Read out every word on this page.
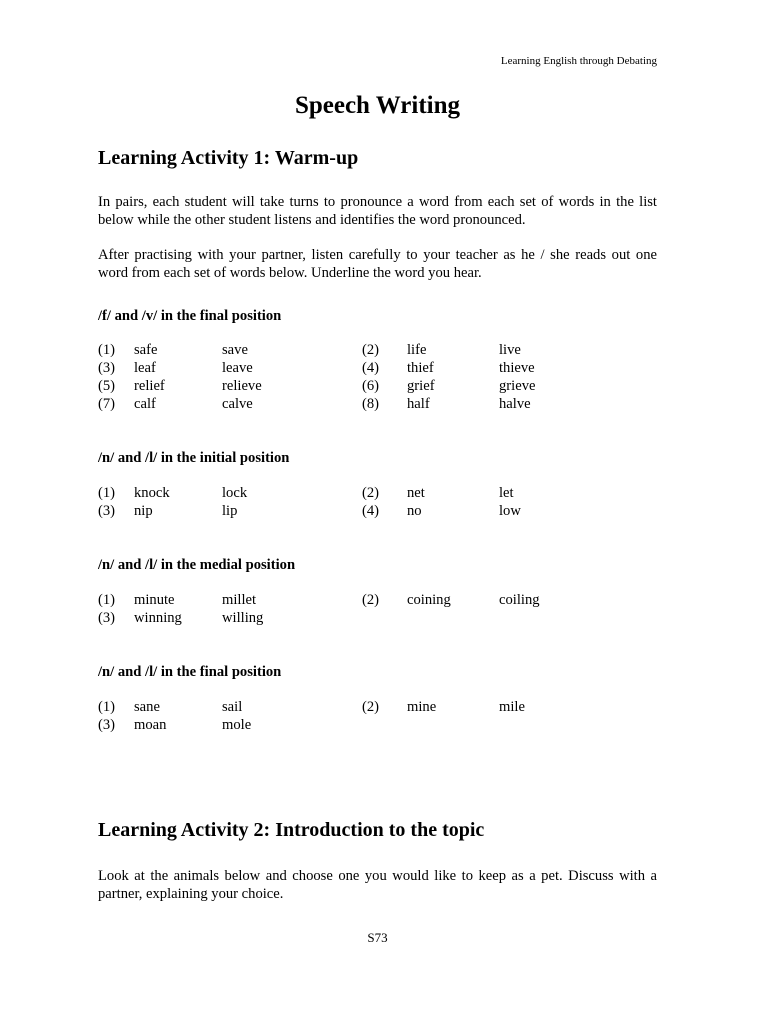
Learning English through Debating
Speech Writing
Learning Activity 1: Warm-up
In pairs, each student will take turns to pronounce a word from each set of words in the list below while the other student listens and identifies the word pronounced.
After practising with your partner, listen carefully to your teacher as he / she reads out one word from each set of words below. Underline the word you hear.
/f/ and /v/ in the final position
(1) safe	save	(2) life	live
(3) leaf	leave	(4) thief	thieve
(5) relief	relieve	(6) grief	grieve
(7) calf	calve	(8) half	halve
/n/ and /l/ in the initial position
(1) knock	lock	(2) net	let
(3) nip	lip	(4) no	low
/n/ and /l/ in the medial position
(1) minute	millet	(2) coining	coiling
(3) winning	willing
/n/ and /l/ in the final position
(1) sane	sail	(2) mine	mile
(3) moan	mole
Learning Activity 2: Introduction to the topic
Look at the animals below and choose one you would like to keep as a pet. Discuss with a partner, explaining your choice.
S73
